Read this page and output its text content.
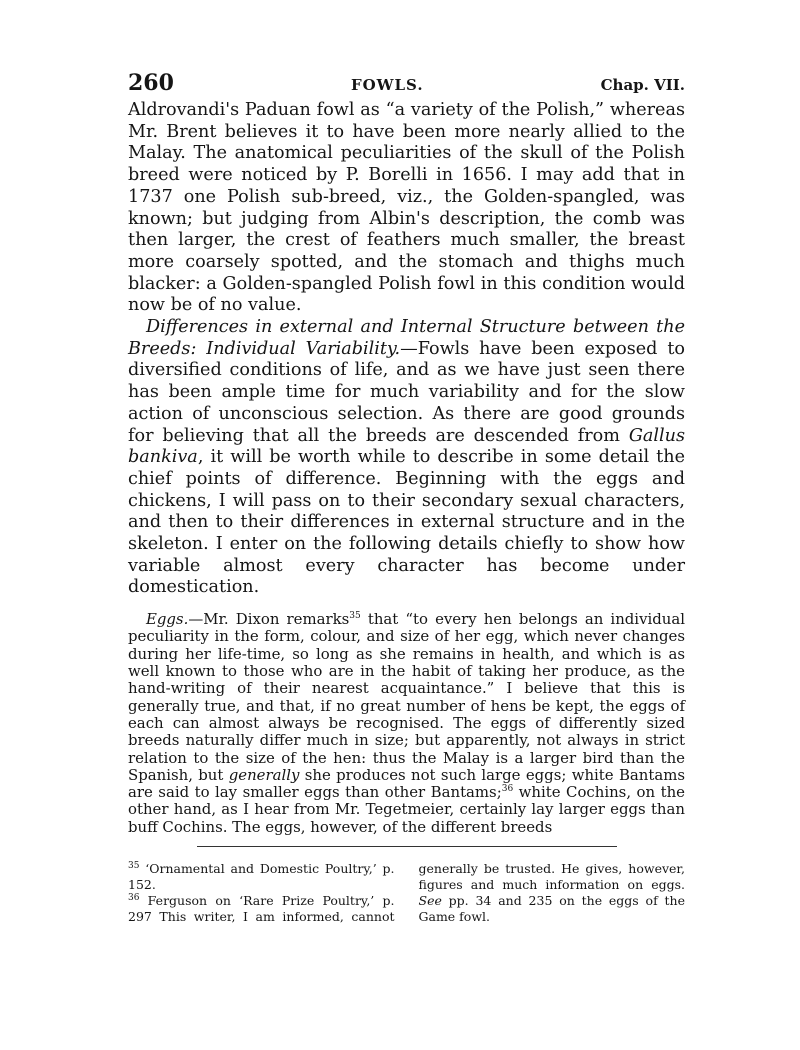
260	FOWLS.	Chap. VII.

Aldrovandi's Paduan fowl as “a variety of the Polish,” whereas Mr. Brent believes it to have been more nearly allied to the Malay. The anatomical peculiarities of the skull of the Polish breed were noticed by P. Borelli in 1656. I may add that in 1737 one Polish sub-breed, viz., the Golden-spangled, was known; but judging from Albin's description, the comb was then larger, the crest of feathers much smaller, the breast more coarsely spotted, and the stomach and thighs much blacker: a Golden-spangled Polish fowl in this condition would now be of no value.

Differences in external and Internal Structure between the Breeds: Individual Variability.—Fowls have been exposed to diversified conditions of life, and as we have just seen there has been ample time for much variability and for the slow action of unconscious selection. As there are good grounds for believing that all the breeds are descended from Gallus bankiva, it will be worth while to describe in some detail the chief points of difference. Beginning with the eggs and chickens, I will pass on to their secondary sexual characters, and then to their differences in external structure and in the skeleton. I enter on the following details chiefly to show how variable almost every character has become under domestication.

Eggs.—Mr. Dixon remarks$^{35}$ that “to every hen belongs an individual peculiarity in the form, colour, and size of her egg, which never changes during her life-time, so long as she remains in health, and which is as well known to those who are in the habit of taking her produce, as the hand-writing of their nearest acquaintance.” I believe that this is generally true, and that, if no great number of hens be kept, the eggs of each can almost always be recognised. The eggs of differently sized breeds naturally differ much in size; but apparently, not always in strict relation to the size of the hen: thus the Malay is a larger bird than the Spanish, but generally she produces not such large eggs; white Bantams are said to lay smaller eggs than other Bantams;$^{36}$ white Cochins, on the other hand, as I hear from Mr. Tegetmeier, certainly lay larger eggs than buff Cochins. The eggs, however, of the different breeds

$^{35}$ ‘Ornamental and Domestic Poultry,’ p. 152.

$^{36}$ Ferguson on ‘Rare Prize Poultry,’ p. 297 This writer, I am informed, cannot generally be trusted. He gives, however, figures and much information on eggs. See pp. 34 and 235 on the eggs of the Game fowl.
